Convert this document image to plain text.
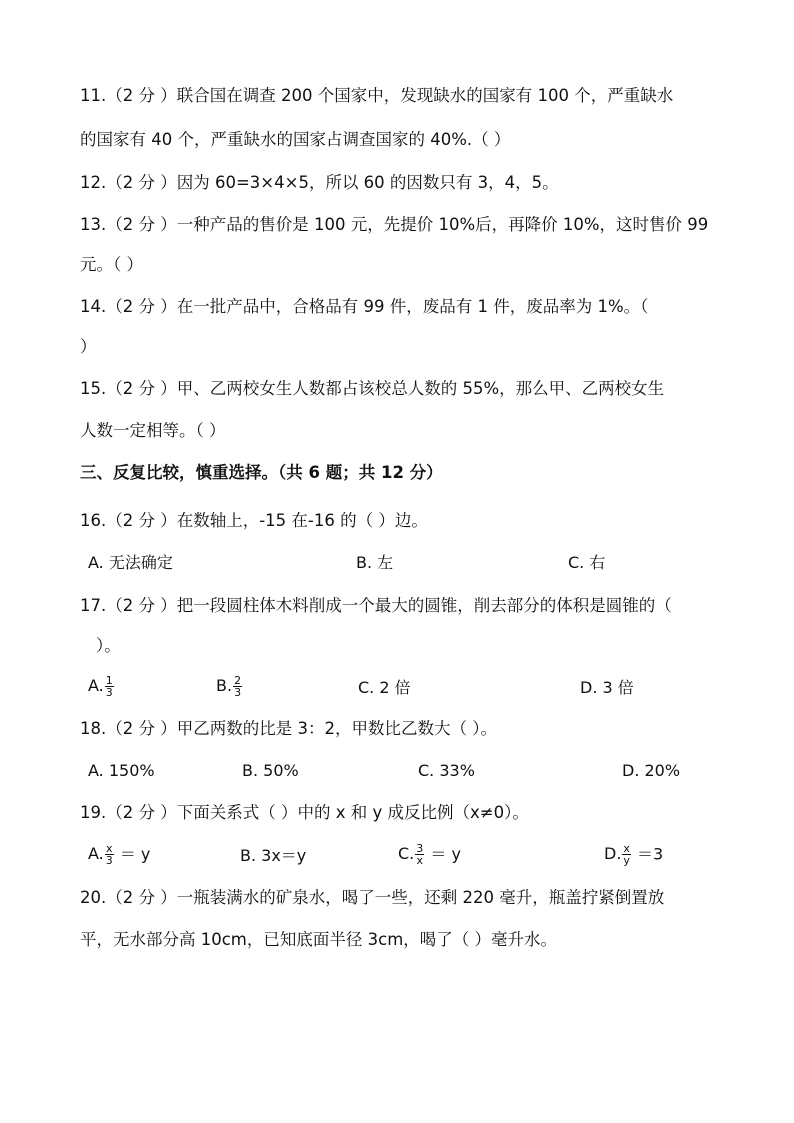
11.（2 分 ）联合国在调查 200 个国家中，发现缺水的国家有 100 个，严重缺水
的国家有 40 个，严重缺水的国家占调查国家的 40%.（ ）
12.（2 分 ）因为 60=3×4×5，所以 60 的因数只有 3，4，5。
13.（2 分 ）一种产品的售价是 100 元，先提价 10%后，再降价 10%，这时售价 99
元。（ ）
14.（2 分 ）在一批产品中，合格品有 99 件，废品有 1 件，废品率为 1%。（
）
15.（2 分 ）甲、乙两校女生人数都占该校总人数的 55%，那么甲、乙两校女生
人数一定相等。（ ）
三、反复比较，慎重选择。（共 6 题；共 12 分）
16.（2 分 ）在数轴上，-15 在-16 的（ ）边。
A. 无法确定	B. 左	C. 右
17.（2 分 ）把一段圆柱体木料削成一个最大的圆锥，削去部分的体积是圆锥的（
）。
A. $\frac{1}{3}$	B. $\frac{2}{3}$	C. 2 倍	D. 3 倍
18.（2 分 ）甲乙两数的比是 3：2，甲数比乙数大（ ）。
A. 150%	B. 50%	C. 33%	D. 20%
19.（2 分 ）下面关系式（ ）中的 x 和 y 成反比例（x≠0）。
A. $\frac{x}{3} = y$	B. 3x＝y	C. $\frac{3}{x} = y$	D. $\frac{x}{y} =3$
20.（2 分 ）一瓶装满水的矿泉水，喝了一些，还剩 220 毫升，瓶盖拧紧倒置放
平，无水部分高 10cm，已知底面半径 3cm，喝了（ ）毫升水。
